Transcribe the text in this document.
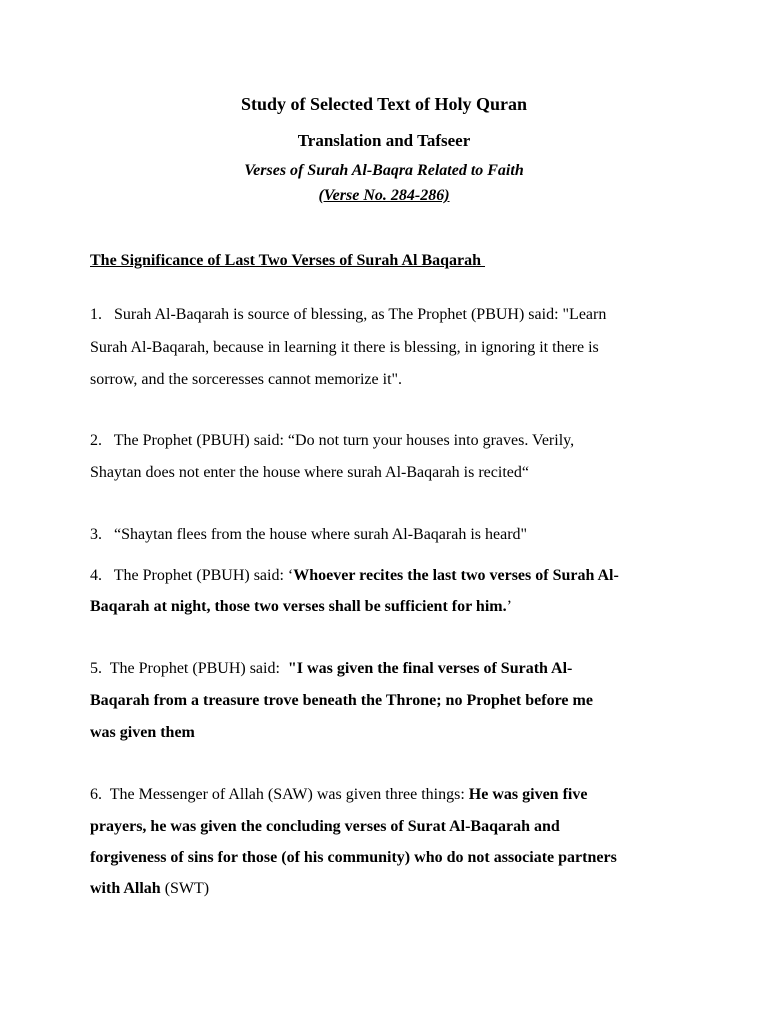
Study of Selected Text of Holy Quran
Translation and Tafseer
Verses of Surah Al-Baqra Related to Faith
(Verse No. 284-286)
The Significance of Last Two Verses of Surah Al Baqarah
1.   Surah Al-Baqarah is source of blessing, as The Prophet (PBUH) said: "Learn
Surah Al-Baqarah, because in learning it there is blessing, in ignoring it there is
sorrow, and the sorceresses cannot memorize it".
2.   The Prophet (PBUH) said: “Do not turn your houses into graves. Verily,
Shaytan does not enter the house where surah Al-Baqarah is recited“
3.   “Shaytan flees from the house where surah Al-Baqarah is heard"
4.   The Prophet (PBUH) said: ‘Whoever recites the last two verses of Surah Al-
Baqarah at night, those two verses shall be sufficient for him.’
5.  The Prophet (PBUH) said:  "I was given the final verses of Surath Al-
Baqarah from a treasure trove beneath the Throne; no Prophet before me
was given them
6.  The Messenger of Allah (SAW) was given three things: He was given five
prayers, he was given the concluding verses of Surat Al-Baqarah and
forgiveness of sins for those (of his community) who do not associate partners
with Allah (SWT)
